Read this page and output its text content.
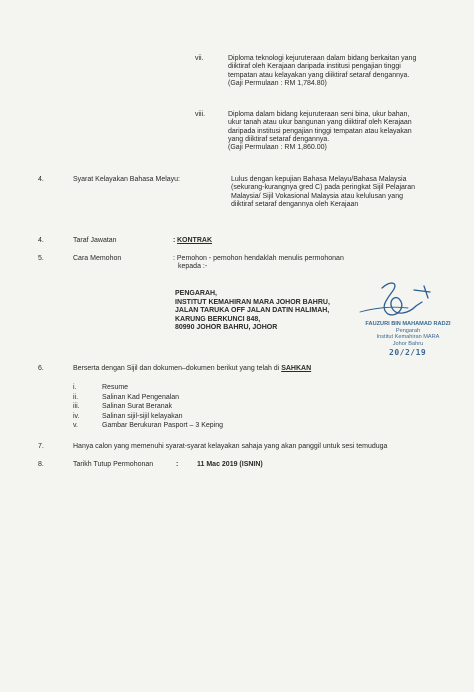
vii.	Diploma teknologi kejuruteraan dalam bidang berkaitan yang
diiktiraf oleh Kerajaan daripada institusi pengajian tinggi
tempatan atau kelayakan yang diiktiraf setaraf dengannya.
(Gaji Permulaan : RM 1,784.80)
viii.	Diploma dalam bidang kejuruteraan seni bina, ukur bahan,
ukur tanah atau ukur bangunan yang diiktiraf oleh Kerajaan
daripada institusi pengajian tinggi tempatan atau kelayakan
yang diiktiraf setaraf dengannya.
(Gaji Permulaan : RM 1,860.00)
4.	Syarat Kelayakan Bahasa Melayu:	Lulus dengan kepujian Bahasa Melayu/Bahasa Malaysia
(sekurang-kurangnya gred C) pada peringkat Sijil Pelajaran
Malaysia/ Sijil Vokasional Malaysia atau kelulusan yang
diiktiraf setaraf dengannya oleh Kerajaan
4.	Taraf Jawatan	: KONTRAK
5.	Cara Memohon	: Pemohon - pemohon hendaklah menulis permohonan
kepada :-
PENGARAH,
INSTITUT KEMAHIRAN MARA JOHOR BAHRU,
JALAN TARUKA OFF JALAN DATIN HALIMAH,
KARUNG BERKUNCI 848,
80990 JOHOR BAHRU, JOHOR
FAUZURI BIN MAHAMAD RADZI
Pengarah
Institut Kemahiran MARA
Johor Bahru
20/2/19
6.	Berserta dengan Sijil dan dokumen–dokumen berikut yang telah di SAHKAN
i.
ii.
iii.
iv.
v.
Resume
Salinan Kad Pengenalan
Salinan Surat Beranak
Salinan sijil-sijil kelayakan
Gambar Berukuran Pasport – 3 Keping
7.	Hanya calon yang memenuhi syarat-syarat kelayakan sahaja yang akan panggil untuk sesi temuduga
8.	Tarikh Tutup Permohonan	:	11 Mac 2019 (ISNIN)
